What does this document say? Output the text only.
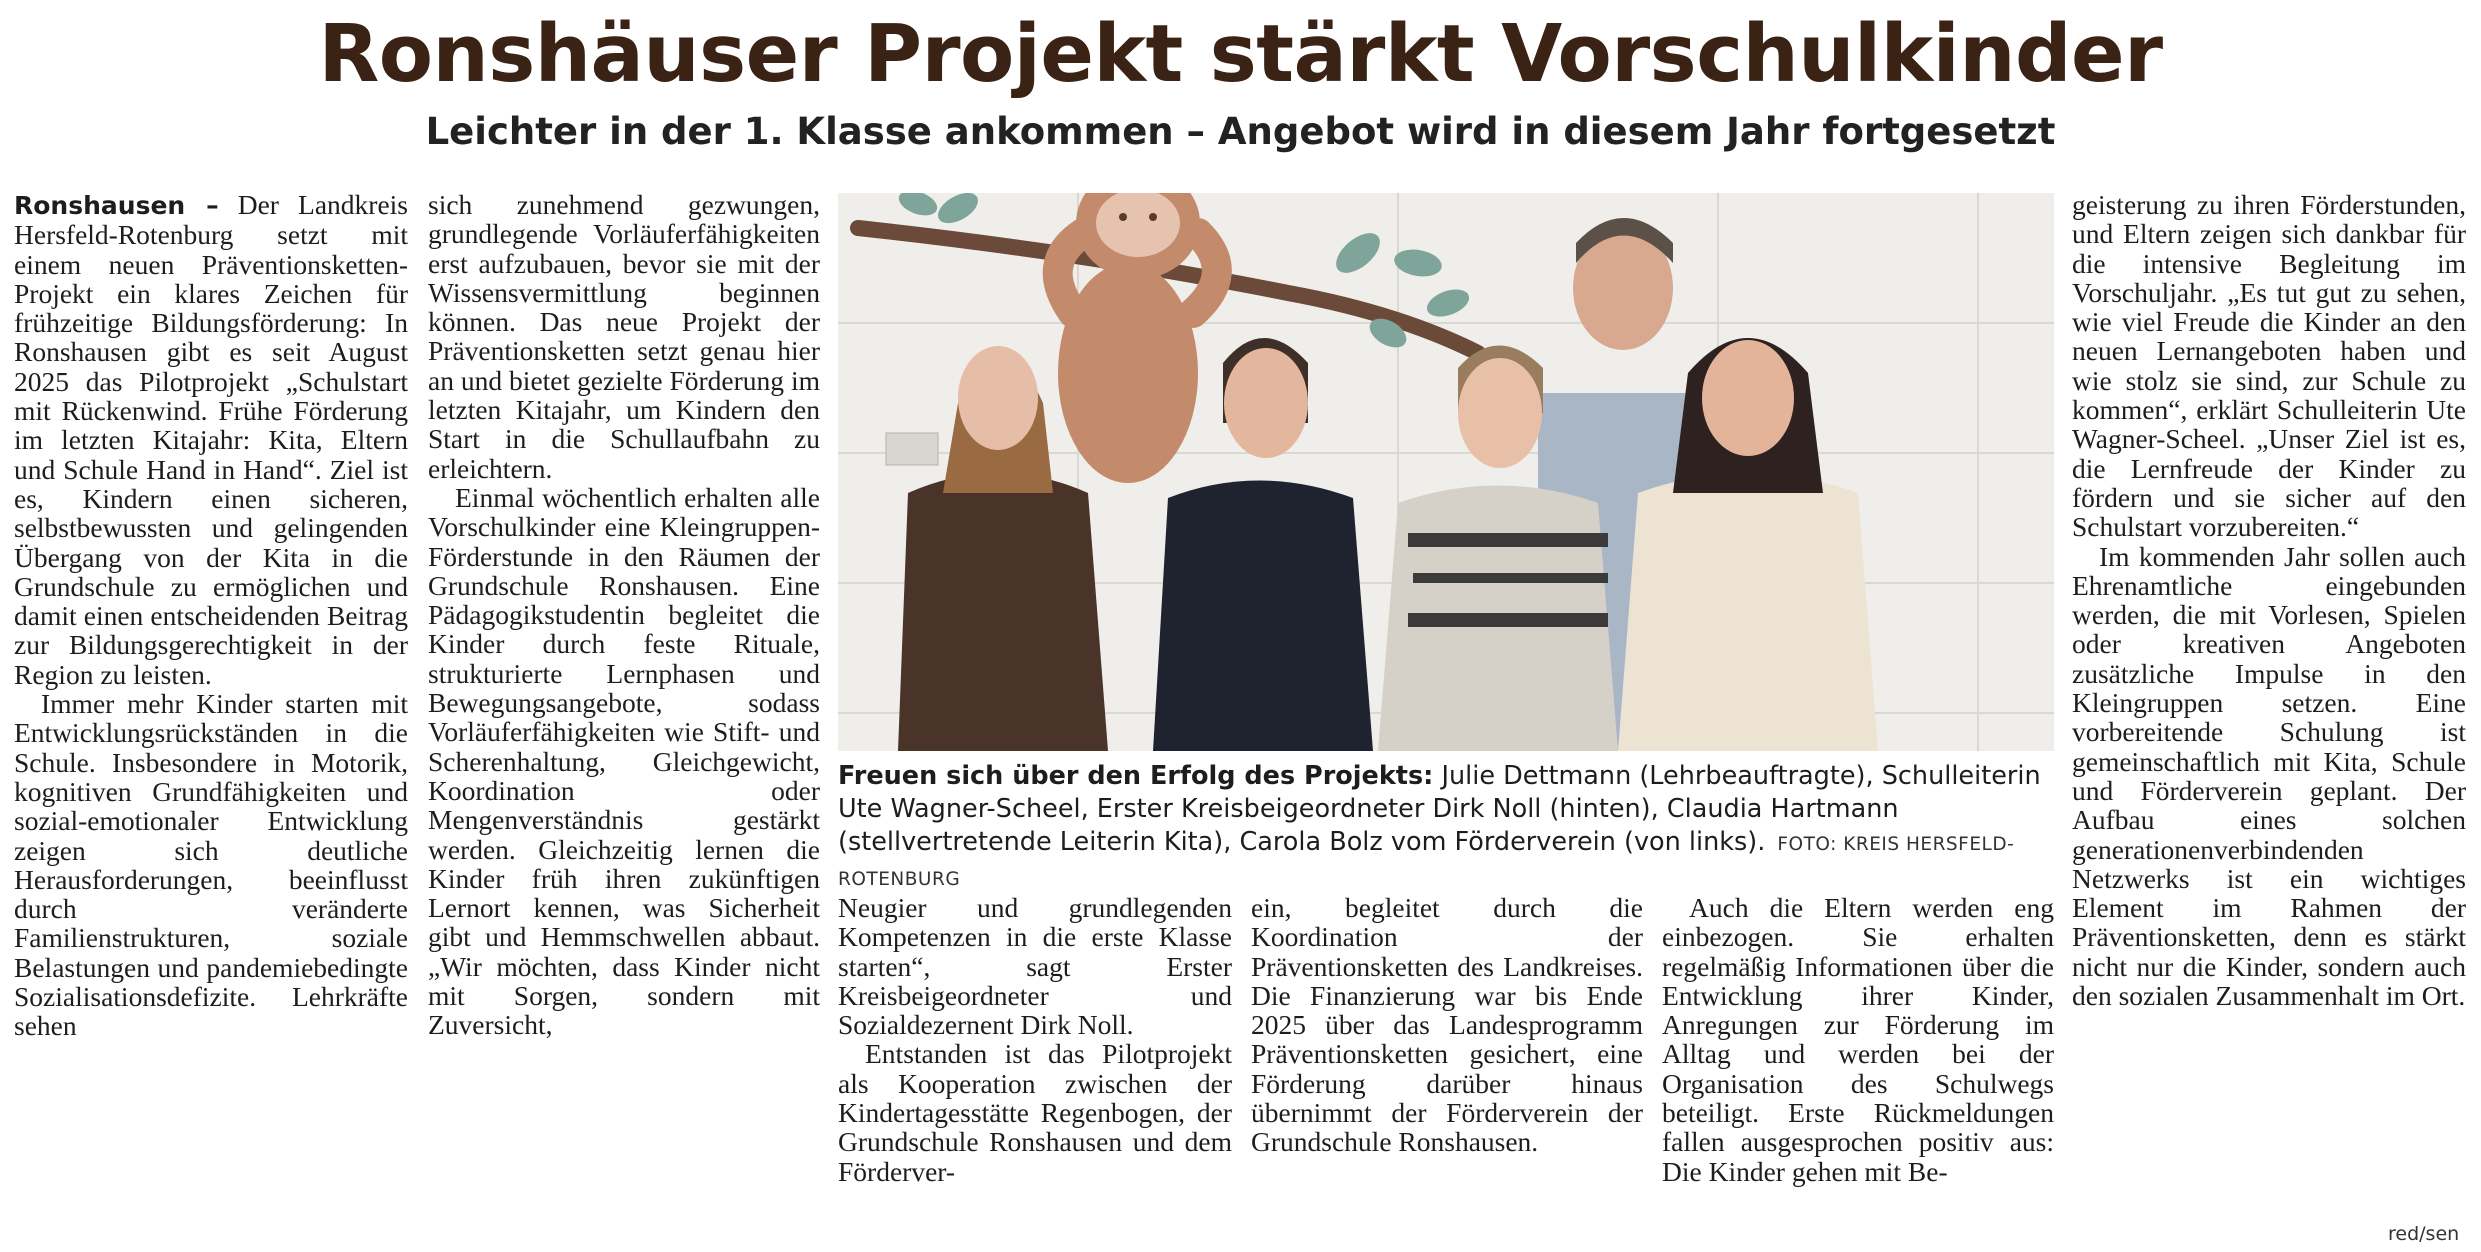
Ronshäuser Projekt stärkt Vorschulkinder
Leichter in der 1. Klasse ankommen – Angebot wird in diesem Jahr fortgesetzt

Ronshausen – Der Landkreis Hersfeld-Rotenburg setzt mit einem neuen Präventionsketten-Projekt ein klares Zeichen für frühzeitige Bildungsförderung: In Ronshausen gibt es seit August 2025 das Pilotprojekt „Schulstart mit Rückenwind. Frühe Förderung im letzten Kitajahr: Kita, Eltern und Schule Hand in Hand“. Ziel ist es, Kindern einen sicheren, selbstbewussten und gelingenden Übergang von der Kita in die Grundschule zu ermöglichen und damit einen entscheidenden Beitrag zur Bildungsgerechtigkeit in der Region zu leisten.

Immer mehr Kinder starten mit Entwicklungsrückständen in die Schule. Insbesondere in Motorik, kognitiven Grundfähigkeiten und sozial-emotionaler Entwicklung zeigen sich deutliche Herausforderungen, beeinflusst durch veränderte Familienstrukturen, soziale Belastungen und pandemiebedingte Sozialisationsdefizite. Lehrkräfte sehen

sich zunehmend gezwungen, grundlegende Vorläuferfähigkeiten erst aufzubauen, bevor sie mit der Wissensvermittlung beginnen können. Das neue Projekt der Präventionsketten setzt genau hier an und bietet gezielte Förderung im letzten Kitajahr, um Kindern den Start in die Schullaufbahn zu erleichtern.

Einmal wöchentlich erhalten alle Vorschulkinder eine Kleingruppen-Förderstunde in den Räumen der Grundschule Ronshausen. Eine Pädagogikstudentin begleitet die Kinder durch feste Rituale, strukturierte Lernphasen und Bewegungsangebote, sodass Vorläuferfähigkeiten wie Stift- und Scherenhaltung, Gleichgewicht, Koordination oder Mengenverständnis gestärkt werden. Gleichzeitig lernen die Kinder früh ihren zukünftigen Lernort kennen, was Sicherheit gibt und Hemmschwellen abbaut. „Wir möchten, dass Kinder nicht mit Sorgen, sondern mit Zuversicht,

Freuen sich über den Erfolg des Projekts: Julie Dettmann (Lehrbeauftragte), Schulleiterin Ute Wagner-Scheel, Erster Kreisbeigeordneter Dirk Noll (hinten), Claudia Hartmann (stellvertretende Leiterin Kita), Carola Bolz vom Förderverein (von links). FOTO: KREIS HERSFELD-ROTENBURG

Neugier und grundlegenden Kompetenzen in die erste Klasse starten“, sagt Erster Kreisbeigeordneter und Sozialdezernent Dirk Noll.

Entstanden ist das Pilotprojekt als Kooperation zwischen der Kindertagesstätte Regenbogen, der Grundschule Ronshausen und dem Förderver-

ein, begleitet durch die Koordination der Präventionsketten des Landkreises. Die Finanzierung war bis Ende 2025 über das Landesprogramm Präventionsketten gesichert, eine Förderung darüber hinaus übernimmt der Förderverein der Grundschule Ronshausen.

Auch die Eltern werden eng einbezogen. Sie erhalten regelmäßig Informationen über die Entwicklung ihrer Kinder, Anregungen zur Förderung im Alltag und werden bei der Organisation des Schulwegs beteiligt. Erste Rückmeldungen fallen ausgesprochen positiv aus: Die Kinder gehen mit Be-

geisterung zu ihren Förderstunden, und Eltern zeigen sich dankbar für die intensive Begleitung im Vorschuljahr. „Es tut gut zu sehen, wie viel Freude die Kinder an den neuen Lernangeboten haben und wie stolz sie sind, zur Schule zu kommen“, erklärt Schulleiterin Ute Wagner-Scheel. „Unser Ziel ist es, die Lernfreude der Kinder zu fördern und sie sicher auf den Schulstart vorzubereiten.“

Im kommenden Jahr sollen auch Ehrenamtliche eingebunden werden, die mit Vorlesen, Spielen oder kreativen Angeboten zusätzliche Impulse in den Kleingruppen setzen. Eine vorbereitende Schulung ist gemeinschaftlich mit Kita, Schule und Förderverein geplant. Der Aufbau eines solchen generationenverbindenden Netzwerks ist ein wichtiges Element im Rahmen der Präventionsketten, denn es stärkt nicht nur die Kinder, sondern auch den sozialen Zusammenhalt im Ort.

red/sen
